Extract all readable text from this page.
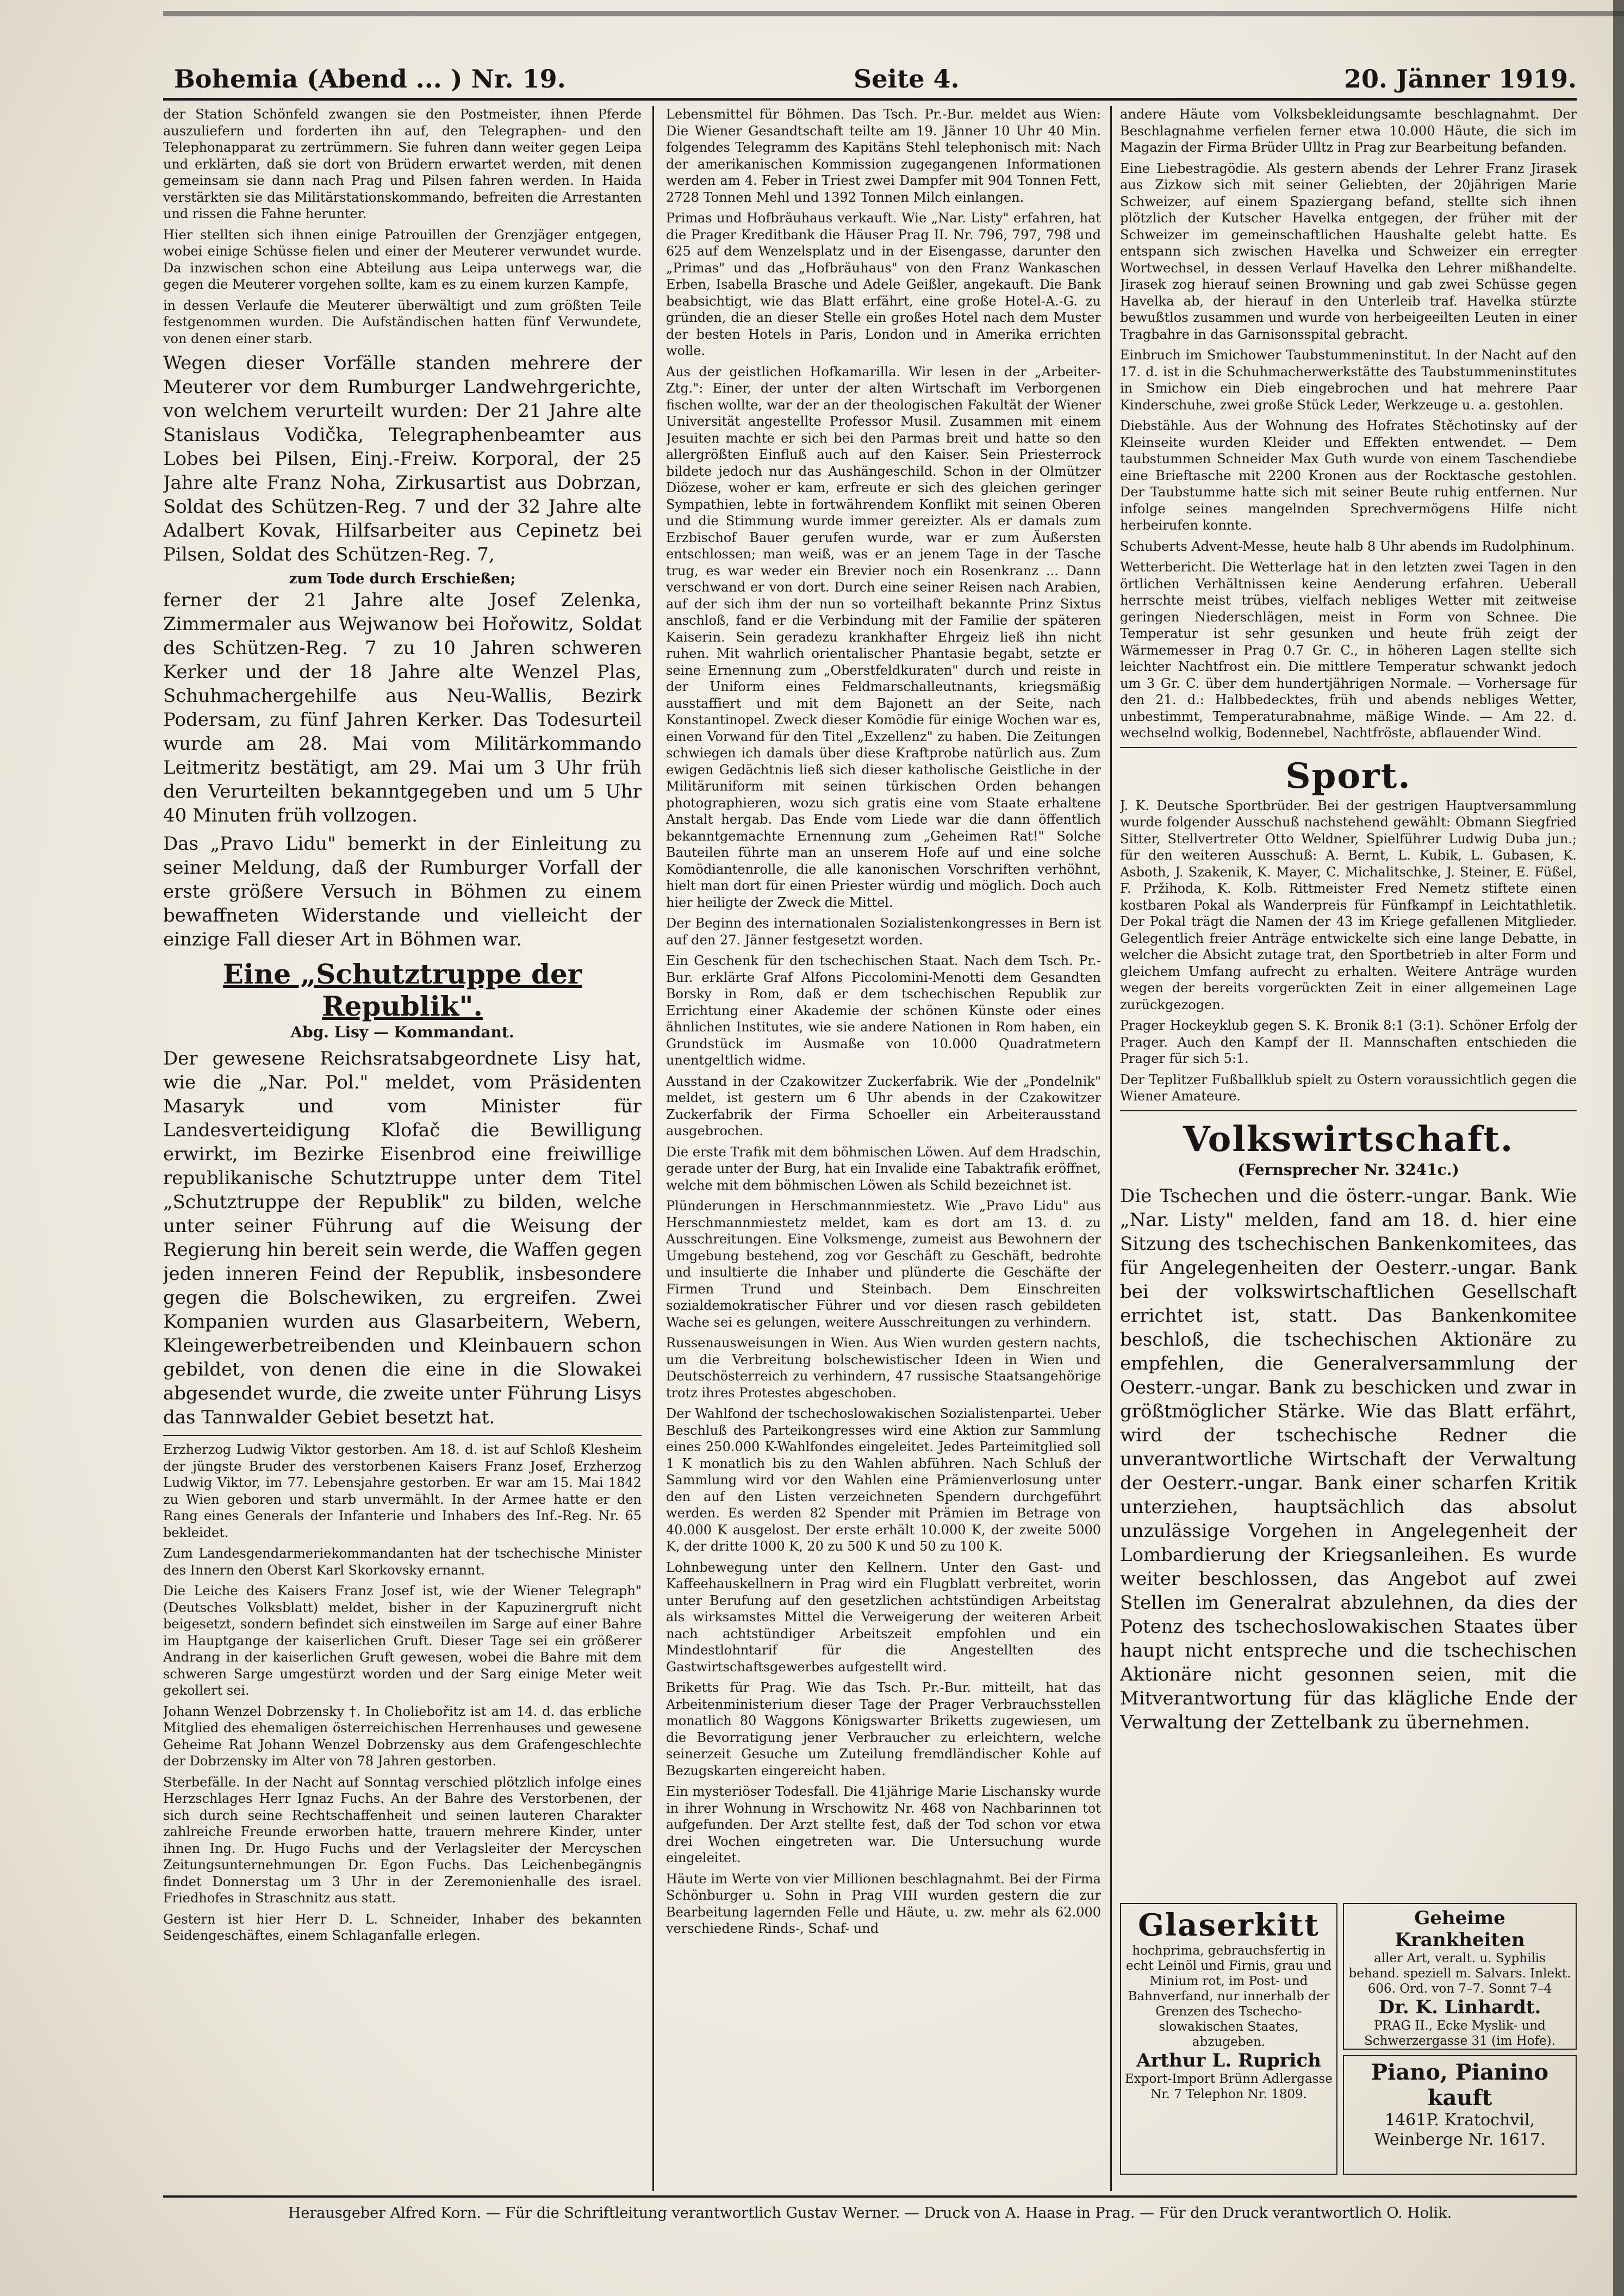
Bohemia (Abend ... ) Nr. 19.	Seite 4.	20. Jänner 1919.

der Station Schönfeld zwangen sie den Postmeister, ihnen Pferde auszuliefern und forderten ihn auf, den Telegraphen- und den Telephonapparat zu zertrümmern. Sie fuhren dann weiter gegen Leipa und erklärten, daß sie dort von Brüdern erwartet werden, mit denen gemeinsam sie dann nach Prag und Pilsen fahren werden. In Haida verstärkten sie das Militärstationskommando, befreiten die Arrestanten und rissen die Fahne herunter.

Hier stellten sich ihnen einige Patrouillen der Grenzjäger entgegen, wobei einige Schüsse fielen und einer der Meuterer verwundet wurde. Da inzwischen schon eine Abteilung aus Leipa unterwegs war, die gegen die Meuterer vorgehen sollte, kam es zu einem kurzen Kampfe,

in dessen Verlaufe die Meuterer überwältigt und zum größten Teile festgenommen wurden. Die Aufständischen hatten fünf Verwundete, von denen einer starb.

Wegen dieser Vorfälle standen mehrere der Meuterer vor dem Rumburger Landwehrgerichte, von welchem verurteilt wurden: Der 21 Jahre alte Stanislaus Vodička, Telegraphenbeamter aus Lobes bei Pilsen, Einj.-Freiw. Korporal, der 25 Jahre alte Franz Noha, Zirkusartist aus Dobrzan, Soldat des Schützen-Reg. 7 und der 32 Jahre alte Adalbert Kovak, Hilfsarbeiter aus Cepinetz bei Pilsen, Soldat des Schützen-Reg. 7,

zum Tode durch Erschießen;

ferner der 21 Jahre alte Josef Zelenka, Zimmermaler aus Wejwanow bei Hořowitz, Soldat des Schützen-Reg. 7 zu 10 Jahren schweren Kerker und der 18 Jahre alte Wenzel Plas, Schuhmachergehilfe aus Neu-Wallis, Bezirk Podersam, zu fünf Jahren Kerker. Das Todesurteil wurde am 28. Mai vom Militärkommando Leitmeritz bestätigt, am 29. Mai um 3 Uhr früh den Verurteilten bekanntgegeben und um 5 Uhr 40 Minuten früh vollzogen.

Das „Pravo Lidu" bemerkt in der Einleitung zu seiner Meldung, daß der Rumburger Vorfall der erste größere Versuch in Böhmen zu einem bewaffneten Widerstande und vielleicht der einzige Fall dieser Art in Böhmen war.

Eine „Schutztruppe der Republik".
Abg. Lisy — Kommandant.

Der gewesene Reichsratsabgeordnete Lisy hat, wie die „Nar. Pol." meldet, vom Präsidenten Masaryk und vom Minister für Landesverteidigung Klofač die Bewilligung erwirkt, im Bezirke Eisenbrod eine freiwillige republikanische Schutztruppe unter dem Titel „Schutztruppe der Republik" zu bilden, welche unter seiner Führung auf die Weisung der Regierung hin bereit sein werde, die Waffen gegen jeden inneren Feind der Republik, insbesondere gegen die Bolschewiken, zu ergreifen. Zwei Kompanien wurden aus Glasarbeitern, Webern, Kleingewerbetreibenden und Kleinbauern schon gebildet, von denen die eine in die Slowakei abgesendet wurde, die zweite unter Führung Lisys das Tannwalder Gebiet besetzt hat.

Erzherzog Ludwig Viktor gestorben. Am 18. d. ist auf Schloß Klesheim der jüngste Bruder des verstorbenen Kaisers Franz Josef, Erzherzog Ludwig Viktor, im 77. Lebensjahre gestorben. Er war am 15. Mai 1842 zu Wien geboren und starb unvermählt. In der Armee hatte er den Rang eines Generals der Infanterie und Inhabers des Inf.-Reg. Nr. 65 bekleidet.

Zum Landesgendarmeriekommandanten hat der tschechische Minister des Innern den Oberst Karl Skorkovsky ernannt.

Die Leiche des Kaisers Franz Josef ist, wie der Wiener Telegraph" (Deutsches Volksblatt) meldet, bisher in der Kapuzinergruft nicht beigesetzt, sondern befindet sich einstweilen im Sarge auf einer Bahre im Hauptgange der kaiserlichen Gruft. Dieser Tage sei ein größerer Andrang in der kaiserlichen Gruft gewesen, wobei die Bahre mit dem schweren Sarge umgestürzt worden und der Sarg einige Meter weit gekollert sei.

Johann Wenzel Dobrzensky †. In Choliebořitz ist am 14. d. das erbliche Mitglied des ehemaligen österreichischen Herrenhauses und gewesene Geheime Rat Johann Wenzel Dobrzensky aus dem Grafengeschlechte der Dobrzensky im Alter von 78 Jahren gestorben.

Sterbefälle. In der Nacht auf Sonntag verschied plötzlich infolge eines Herzschlages Herr Ignaz Fuchs. An der Bahre des Verstorbenen, der sich durch seine Rechtschaffenheit und seinen lauteren Charakter zahlreiche Freunde erworben hatte, trauern mehrere Kinder, unter ihnen Ing. Dr. Hugo Fuchs und der Verlagsleiter der Mercyschen Zeitungsunternehmungen Dr. Egon Fuchs. Das Leichenbegängnis findet Donnerstag um 3 Uhr in der Zeremonienhalle des israel. Friedhofes in Straschnitz aus statt.

Gestern ist hier Herr D. L. Schneider, Inhaber des bekannten Seidengeschäftes, einem Schlaganfalle erlegen.

Lebensmittel für Böhmen. Das Tsch. Pr.-Bur. meldet aus Wien: Die Wiener Gesandtschaft teilte am 19. Jänner 10 Uhr 40 Min. folgendes Telegramm des Kapitäns Stehl telephonisch mit: Nach der amerikanischen Kommission zugegangenen Informationen werden am 4. Feber in Triest zwei Dampfer mit 904 Tonnen Fett, 2728 Tonnen Mehl und 1392 Tonnen Milch einlangen.

Primas und Hofbräuhaus verkauft. Wie „Nar. Listy" erfahren, hat die Prager Kreditbank die Häuser Prag II. Nr. 796, 797, 798 und 625 auf dem Wenzelsplatz und in der Eisengasse, darunter den „Primas" und das „Hofbräuhaus" von den Franz Wankaschen Erben, Isabella Brasche und Adele Geißler, angekauft. Die Bank beabsichtigt, wie das Blatt erfährt, eine große Hotel-A.-G. zu gründen, die an dieser Stelle ein großes Hotel nach dem Muster der besten Hotels in Paris, London und in Amerika errichten wolle.

Aus der geistlichen Hofkamarilla. Wir lesen in der „Arbeiter-Ztg.": Einer, der unter der alten Wirtschaft im Verborgenen fischen wollte, war der an der theologischen Fakultät der Wiener Universität angestellte Professor Musil. Zusammen mit einem Jesuiten machte er sich bei den Parmas breit und hatte so den allergrößten Einfluß auch auf den Kaiser. Sein Priesterrock bildete jedoch nur das Aushängeschild. Schon in der Olmützer Diözese, woher er kam, erfreute er sich des gleichen geringer Sympathien, lebte in fortwährendem Konflikt mit seinen Oberen und die Stimmung wurde immer gereizter. Als er damals zum Erzbischof Bauer gerufen wurde, war er zum Äußersten entschlossen; man weiß, was er an jenem Tage in der Tasche trug, es war weder ein Brevier noch ein Rosenkranz ... Dann verschwand er von dort. Durch eine seiner Reisen nach Arabien, auf der sich ihm der nun so vorteilhaft bekannte Prinz Sixtus anschloß, fand er die Verbindung mit der Familie der späteren Kaiserin. Sein geradezu krankhafter Ehrgeiz ließ ihn nicht ruhen. Mit wahrlich orientalischer Phantasie begabt, setzte er seine Ernennung zum „Oberstfeldkuraten" durch und reiste in der Uniform eines Feldmarschalleutnants, kriegsmäßig ausstaffiert und mit dem Bajonett an der Seite, nach Konstantinopel. Zweck dieser Komödie für einige Wochen war es, einen Vorwand für den Titel „Exzellenz" zu haben. Die Zeitungen schwiegen ich damals über diese Kraftprobe natürlich aus. Zum ewigen Gedächtnis ließ sich dieser katholische Geistliche in der Militäruniform mit seinen türkischen Orden behangen photographieren, wozu sich gratis eine vom Staate erhaltene Anstalt hergab. Das Ende vom Liede war die dann öffentlich bekanntgemachte Ernennung zum „Geheimen Rat!" Solche Bauteilen führte man an unserem Hofe auf und eine solche Komödiantenrolle, die alle kanonischen Vorschriften verhöhnt, hielt man dort für einen Priester würdig und möglich. Doch auch hier heiligte der Zweck die Mittel.

Der Beginn des internationalen Sozialistenkongresses in Bern ist auf den 27. Jänner festgesetzt worden.

Ein Geschenk für den tschechischen Staat. Nach dem Tsch. Pr.-Bur. erklärte Graf Alfons Piccolomini-Menotti dem Gesandten Borsky in Rom, daß er dem tschechischen Republik zur Errichtung einer Akademie der schönen Künste oder eines ähnlichen Institutes, wie sie andere Nationen in Rom haben, ein Grundstück im Ausmaße von 10.000 Quadratmetern unentgeltlich widme.

Ausstand in der Czakowitzer Zuckerfabrik. Wie der „Pondelnik" meldet, ist gestern um 6 Uhr abends in der Czakowitzer Zuckerfabrik der Firma Schoeller ein Arbeiterausstand ausgebrochen.

Die erste Trafik mit dem böhmischen Löwen. Auf dem Hradschin, gerade unter der Burg, hat ein Invalide eine Tabaktrafik eröffnet, welche mit dem böhmischen Löwen als Schild bezeichnet ist.

Plünderungen in Herschmannmiestetz. Wie „Pravo Lidu" aus Herschmannmiestetz meldet, kam es dort am 13. d. zu Ausschreitungen. Eine Volksmenge, zumeist aus Bewohnern der Umgebung bestehend, zog vor Geschäft zu Geschäft, bedrohte und insultierte die Inhaber und plünderte die Geschäfte der Firmen Trund und Steinbach. Dem Einschreiten sozialdemokratischer Führer und vor diesen rasch gebildeten Wache sei es gelungen, weitere Ausschreitungen zu verhindern.

Russenausweisungen in Wien. Aus Wien wurden gestern nachts, um die Verbreitung bolschewistischer Ideen in Wien und Deutschösterreich zu verhindern, 47 russische Staatsangehörige trotz ihres Protestes abgeschoben.

Der Wahlfond der tschechoslowakischen Sozialistenpartei. Ueber Beschluß des Parteikongresses wird eine Aktion zur Sammlung eines 250.000 K-Wahlfondes eingeleitet. Jedes Parteimitglied soll 1 K monatlich bis zu den Wahlen abführen. Nach Schluß der Sammlung wird vor den Wahlen eine Prämienverlosung unter den auf den Listen verzeichneten Spendern durchgeführt werden. Es werden 82 Spender mit Prämien im Betrage von 40.000 K ausgelost. Der erste erhält 10.000 K, der zweite 5000 K, der dritte 1000 K, 20 zu 500 K und 50 zu 100 K.

Lohnbewegung unter den Kellnern. Unter den Gast- und Kaffeehauskellnern in Prag wird ein Flugblatt verbreitet, worin unter Berufung auf den gesetzlichen achtstündigen Arbeitstag als wirksamstes Mittel die Verweigerung der weiteren Arbeit nach achtstündiger Arbeitszeit empfohlen und ein Mindestlohntarif für die Angestellten des Gastwirtschaftsgewerbes aufgestellt wird.

Briketts für Prag. Wie das Tsch. Pr.-Bur. mitteilt, hat das Arbeitenministerium dieser Tage der Prager Verbrauchsstellen monatlich 80 Waggons Königswarter Briketts zugewiesen, um die Bevorratigung jener Verbraucher zu erleichtern, welche seinerzeit Gesuche um Zuteilung fremdländischer Kohle auf Bezugskarten eingereicht haben.

Ein mysteriöser Todesfall. Die 41jährige Marie Lischansky wurde in ihrer Wohnung in Wrschowitz Nr. 468 von Nachbarinnen tot aufgefunden. Der Arzt stellte fest, daß der Tod schon vor etwa drei Wochen eingetreten war. Die Untersuchung wurde eingeleitet.

Häute im Werte von vier Millionen beschlagnahmt. Bei der Firma Schönburger u. Sohn in Prag VIII wurden gestern die zur Bearbeitung lagernden Felle und Häute, u. zw. mehr als 62.000 verschiedene Rinds-, Schaf- und

andere Häute vom Volksbekleidungsamte beschlagnahmt. Der Beschlagnahme verfielen ferner etwa 10.000 Häute, die sich im Magazin der Firma Brüder Ulltz in Prag zur Bearbeitung befanden.

Eine Liebestragödie. Als gestern abends der Lehrer Franz Jirasek aus Zizkow sich mit seiner Geliebten, der 20jährigen Marie Schweizer, auf einem Spaziergang befand, stellte sich ihnen plötzlich der Kutscher Havelka entgegen, der früher mit der Schweizer im gemeinschaftlichen Haushalte gelebt hatte. Es entspann sich zwischen Havelka und Schweizer ein erregter Wortwechsel, in dessen Verlauf Havelka den Lehrer mißhandelte. Jirasek zog hierauf seinen Browning und gab zwei Schüsse gegen Havelka ab, der hierauf in den Unterleib traf. Havelka stürzte bewußtlos zusammen und wurde von herbeigeeilten Leuten in einer Tragbahre in das Garnisonsspital gebracht.

Einbruch im Smichower Taubstummeninstitut. In der Nacht auf den 17. d. ist in die Schuhmacherwerkstätte des Taubstummeninstitutes in Smichow ein Dieb eingebrochen und hat mehrere Paar Kinderschuhe, zwei große Stück Leder, Werkzeuge u. a. gestohlen.

Diebstähle. Aus der Wohnung des Hofrates Stěchotinsky auf der Kleinseite wurden Kleider und Effekten entwendet. — Dem taubstummen Schneider Max Guth wurde von einem Taschendiebe eine Brieftasche mit 2200 Kronen aus der Rocktasche gestohlen. Der Taubstumme hatte sich mit seiner Beute ruhig entfernen. Nur infolge seines mangelnden Sprechvermögens Hilfe nicht herbeirufen konnte.

Schuberts Advent-Messe, heute halb 8 Uhr abends im Rudolphinum.

Wetterbericht. Die Wetterlage hat in den letzten zwei Tagen in den örtlichen Verhältnissen keine Aenderung erfahren. Ueberall herrschte meist trübes, vielfach nebliges Wetter mit zeitweise geringen Niederschlägen, meist in Form von Schnee. Die Temperatur ist sehr gesunken und heute früh zeigt der Wärmemesser in Prag 0.7 Gr. C., in höheren Lagen stellte sich leichter Nachtfrost ein. Die mittlere Temperatur schwankt jedoch um 3 Gr. C. über dem hundertjährigen Normale. — Vorhersage für den 21. d.: Halbbedecktes, früh und abends nebliges Wetter, unbestimmt, Temperaturabnahme, mäßige Winde. — Am 22. d. wechselnd wolkig, Bodennebel, Nachtfröste, abflauender Wind.

Sport.

J. K. Deutsche Sportbrüder. Bei der gestrigen Hauptversammlung wurde folgender Ausschuß nachstehend gewählt: Obmann Siegfried Sitter, Stellvertreter Otto Weldner, Spielführer Ludwig Duba jun.; für den weiteren Ausschuß: A. Bernt, L. Kubik, L. Gubasen, K. Asboth, J. Szakenik, K. Mayer, C. Michalitschke, J. Steiner, E. Füßel, F. Pržihoda, K. Kolb. Rittmeister Fred Nemetz stiftete einen kostbaren Pokal als Wanderpreis für Fünfkampf in Leichtathletik. Der Pokal trägt die Namen der 43 im Kriege gefallenen Mitglieder. Gelegentlich freier Anträge entwickelte sich eine lange Debatte, in welcher die Absicht zutage trat, den Sportbetrieb in alter Form und gleichem Umfang aufrecht zu erhalten. Weitere Anträge wurden wegen der bereits vorgerückten Zeit in einer allgemeinen Lage zurückgezogen.

Prager Hockeyklub gegen S. K. Bronik 8:1 (3:1). Schöner Erfolg der Prager. Auch den Kampf der II. Mannschaften entschieden die Prager für sich 5:1.

Der Teplitzer Fußballklub spielt zu Ostern voraussichtlich gegen die Wiener Amateure.

Volkswirtschaft.
(Fernsprecher Nr. 3241c.)

Die Tschechen und die österr.-ungar. Bank. Wie „Nar. Listy" melden, fand am 18. d. hier eine Sitzung des tschechischen Bankenkomitees, das für Angelegenheiten der Oesterr.-ungar. Bank bei der volkswirtschaftlichen Gesellschaft errichtet ist, statt. Das Bankenkomitee beschloß, die tschechischen Aktionäre zu empfehlen, die Generalversammlung der Oesterr.-ungar. Bank zu beschicken und zwar in größtmöglicher Stärke. Wie das Blatt erfährt, wird der tschechische Redner die unverantwortliche Wirtschaft der Verwaltung der Oesterr.-ungar. Bank einer scharfen Kritik unterziehen, hauptsächlich das absolut unzulässige Vorgehen in Angelegenheit der Lombardierung der Kriegsanleihen. Es wurde weiter beschlossen, das Angebot auf zwei Stellen im Generalrat abzulehnen, da dies der Potenz des tschechoslowakischen Staates über haupt nicht entspreche und die tschechischen Aktionäre nicht gesonnen seien, mit die Mitverantwortung für das klägliche Ende der Verwaltung der Zettelbank zu übernehmen.

Glaserkitt
hochprima, gebrauchsfertig in echt Leinöl und Firnis, grau und Minium rot, im Post- und Bahnverfand, nur innerhalb der Grenzen des Tschecho-slowakischen Staates, abzugeben.
Arthur L. Ruprich
Export-Import Brünn Adlergasse Nr. 7 Telephon Nr. 1809.
Geheime Krankheiten
aller Art, veralt. u. Syphilis behand. speziell m. Salvars. Inlekt. 606. Ord. von 7–7. Sonnt 7–4
Dr. K. Linhardt.
PRAG II., Ecke Myslik- und Schwerzergasse 31 (im Hofe).
Piano, Pianino kauft
1461P. Kratochvil, Weinberge Nr. 1617.
Herausgeber Alfred Korn. — Für die Schriftleitung verantwortlich Gustav Werner. — Druck von A. Haase in Prag. — Für den Druck verantwortlich O. Holik.
